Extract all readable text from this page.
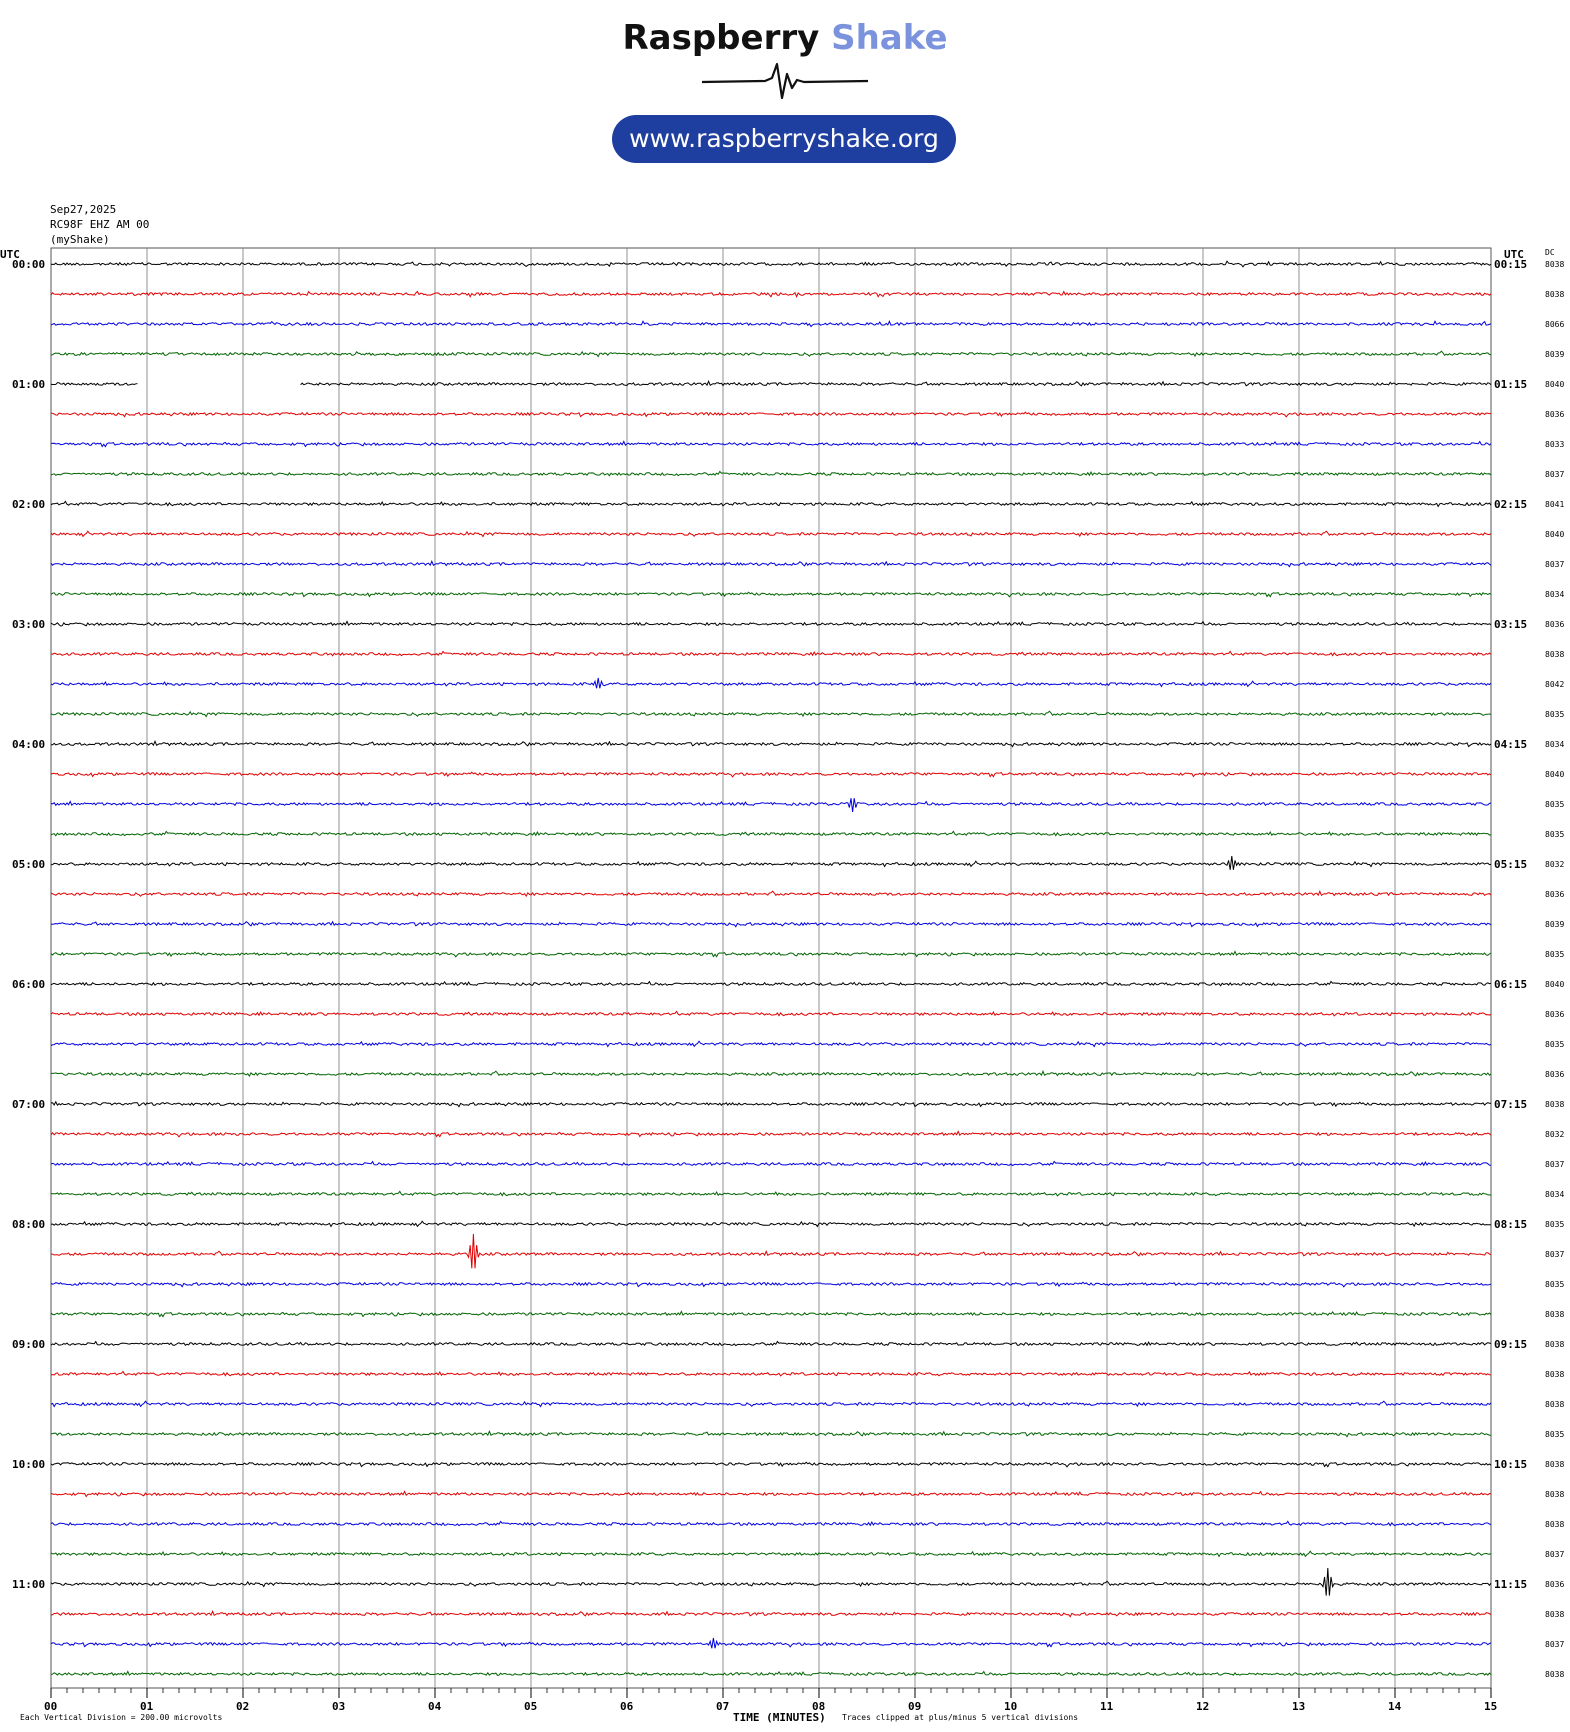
Raspberry Shake
www.raspberryshake.org
Sep27,2025
RC98F EHZ AM 00
(myShake)
8038
8038
8066
8039
8040
8036
8033
8037
8041
8040
8037
8034
8036
8038
8042
8035
8034
8040
8035
8035
8032
8036
8039
8035
8040
8036
8035
8036
8038
8032
8037
8034
8035
8037
8035
8038
8038
8038
8038
8035
8038
8038
8038
8037
8036
8038
8037
8038
UTC	UTC	DC
00:00	00:15
01:00	01:15
02:00	02:15
03:00	03:15
04:00	04:15
05:00	05:15
06:00	06:15
07:00	07:15
08:00	08:15
09:00	09:15
10:00	10:15
11:00	11:15
00	01	02	03	04	05	06	07	08	09	10	11	12	13	14	15
Each Vertical Division = 200.00 microvolts	TIME (MINUTES) Traces clipped at plus/minus 5 vertical divisions
